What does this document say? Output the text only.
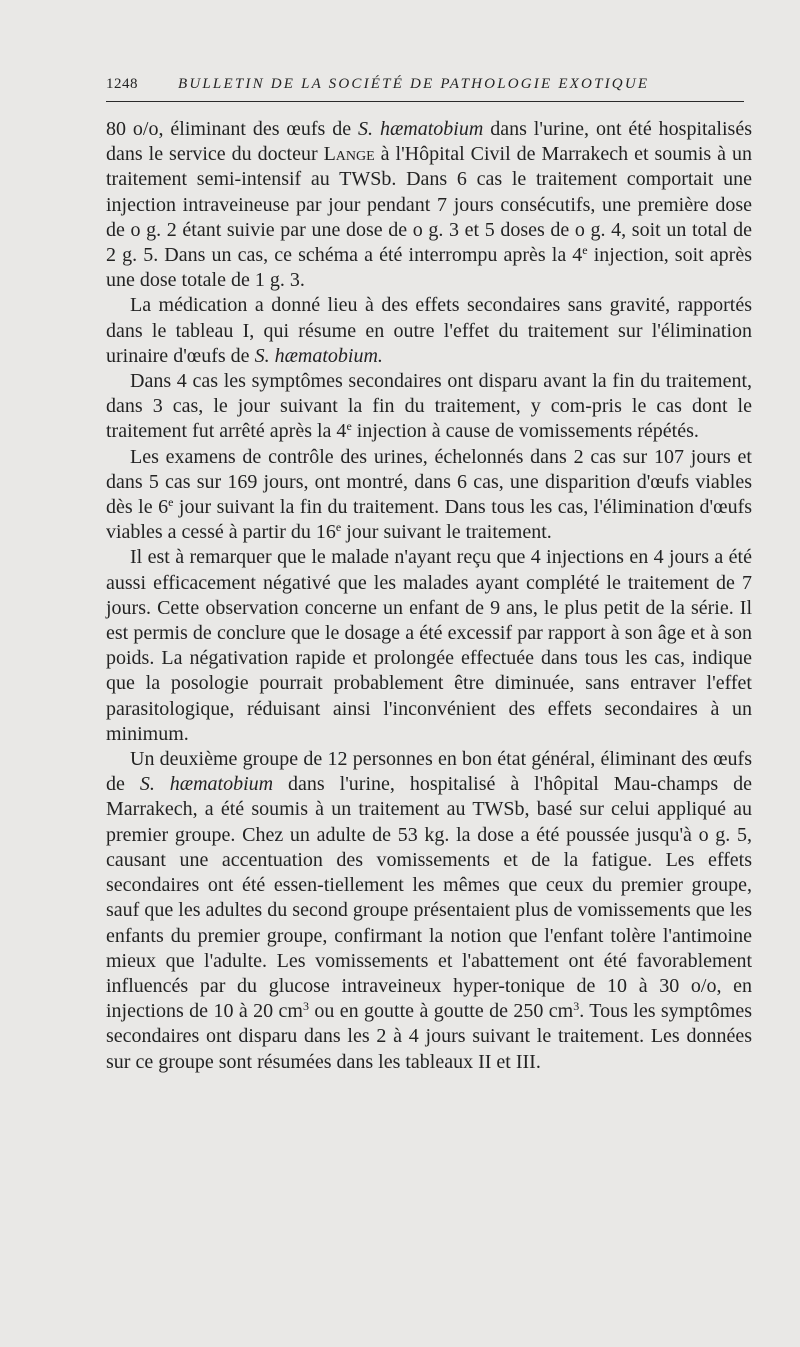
1248	BULLETIN DE LA SOCIÉTÉ DE PATHOLOGIE EXOTIQUE

80 o/o, éliminant des œufs de S. hæmatobium dans l'urine, ont été hospitalisés dans le service du docteur Lange à l'Hôpital Civil de Marrakech et soumis à un traitement semi-intensif au TWSb. Dans 6 cas le traitement comportait une injection intraveineuse par jour pendant 7 jours consécutifs, une première dose de o g. 2 étant suivie par une dose de o g. 3 et 5 doses de o g. 4, soit un total de 2 g. 5. Dans un cas, ce schéma a été interrompu après la 4e injection, soit après une dose totale de 1 g. 3.

La médication a donné lieu à des effets secondaires sans gravité, rapportés dans le tableau I, qui résume en outre l'effet du traitement sur l'élimination urinaire d'œufs de S. hæmatobium.

Dans 4 cas les symptômes secondaires ont disparu avant la fin du traitement, dans 3 cas, le jour suivant la fin du traitement, y com-pris le cas dont le traitement fut arrêté après la 4e injection à cause de vomissements répétés.

Les examens de contrôle des urines, échelonnés dans 2 cas sur 107 jours et dans 5 cas sur 169 jours, ont montré, dans 6 cas, une disparition d'œufs viables dès le 6e jour suivant la fin du traitement. Dans tous les cas, l'élimination d'œufs viables a cessé à partir du 16e jour suivant le traitement.

Il est à remarquer que le malade n'ayant reçu que 4 injections en 4 jours a été aussi efficacement négativé que les malades ayant complété le traitement de 7 jours. Cette observation concerne un enfant de 9 ans, le plus petit de la série. Il est permis de conclure que le dosage a été excessif par rapport à son âge et à son poids. La négativation rapide et prolongée effectuée dans tous les cas, indique que la posologie pourrait probablement être diminuée, sans entraver l'effet parasitologique, réduisant ainsi l'inconvénient des effets secondaires à un minimum.

Un deuxième groupe de 12 personnes en bon état général, éliminant des œufs de S. hæmatobium dans l'urine, hospitalisé à l'hôpital Mau-champs de Marrakech, a été soumis à un traitement au TWSb, basé sur celui appliqué au premier groupe. Chez un adulte de 53 kg. la dose a été poussée jusqu'à o g. 5, causant une accentuation des vomissements et de la fatigue. Les effets secondaires ont été essen-tiellement les mêmes que ceux du premier groupe, sauf que les adultes du second groupe présentaient plus de vomissements que les enfants du premier groupe, confirmant la notion que l'enfant tolère l'antimoine mieux que l'adulte. Les vomissements et l'abattement ont été favorablement influencés par du glucose intraveineux hyper-tonique de 10 à 30 o/o, en injections de 10 à 20 $cm^3$ ou en goutte à goutte de 250 $cm^3$. Tous les symptômes secondaires ont disparu dans les 2 à 4 jours suivant le traitement. Les données sur ce groupe sont résumées dans les tableaux II et III.
